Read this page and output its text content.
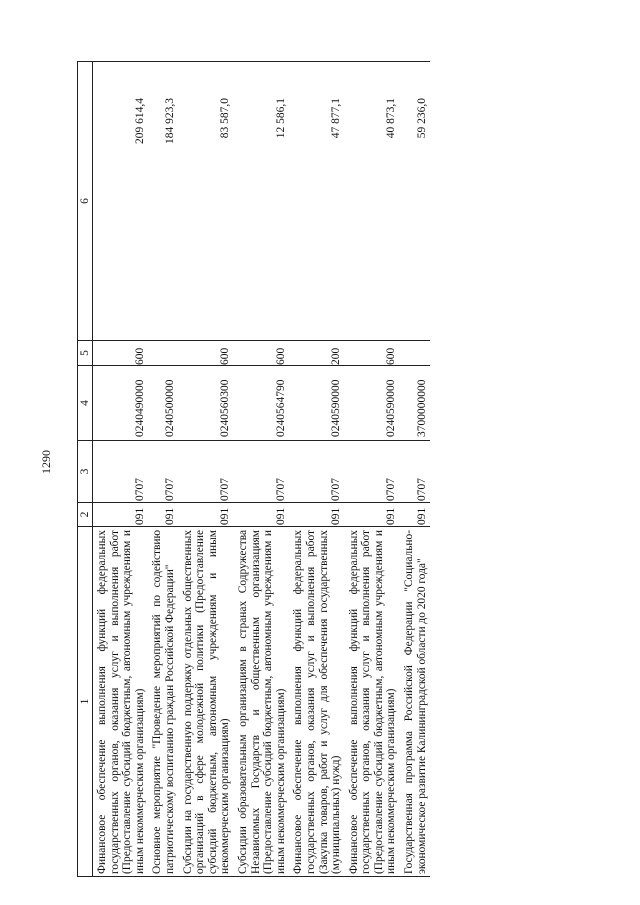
1290
1	2	3	4	5	6
Финансовое обеспечение выполнения функций федеральных государственных органов, оказания услуг и выполнения работ (Предоставление субсидий бюджетным, автономным учреждениям и иным некоммерческим организациям)	091	0707	0240490000	600	209 614,4
Основное мероприятие "Проведение мероприятий по содействию патриотическому воспитанию граждан Российской Федерации"	091	0707	0240500000		184 923,3
Субсидии на государственную поддержку отдельных общественных организаций в сфере молодежной политики (Предоставление субсидий бюджетным, автономным учреждениям и иным некоммерческим организациям)	091	0707	0240560300	600	83 587,0
Субсидии образовательным организациям в странах Содружества Независимых Государств и общественным организациям (Предоставление субсидий бюджетным, автономным учреждениям и иным некоммерческим организациям)	091	0707	0240564790	600	12 586,1
Финансовое обеспечение выполнения функций федеральных государственных органов, оказания услуг и выполнения работ (Закупка товаров, работ и услуг для обеспечения государственных (муниципальных) нужд)	091	0707	0240590000	200	47 877,1
Финансовое обеспечение выполнения функций федеральных государственных органов, оказания услуг и выполнения работ (Предоставление субсидий бюджетным, автономным учреждениям и иным некоммерческим организациям)	091	0707	0240590000	600	40 873,1
Государственная программа Российской Федерации "Социально-экономическое развитие Калининградской области до 2020 года"	091	0707	3700000000		59 236,0
